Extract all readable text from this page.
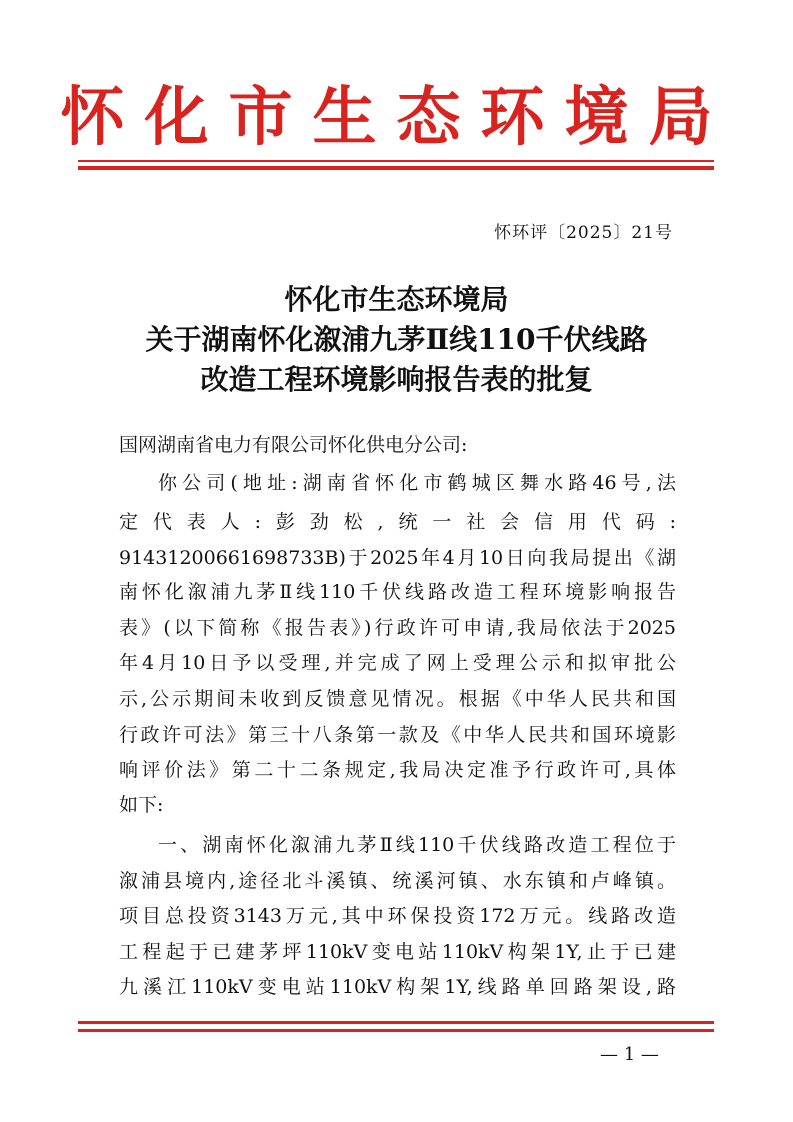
怀化市生态环境局
怀环评〔2025〕21号
怀化市生态环境局
关于湖南怀化溆浦九茅Ⅱ线110千伏线路
改造工程环境影响报告表的批复
国网湖南省电力有限公司怀化供电分公司:
你公司(地址:湖南省怀化市鹤城区舞水路46号,法
定代表人:彭劲松,统一社会信用代码:
91431200661698733B)于2025年4月10日向我局提出《湖
南怀化溆浦九茅Ⅱ线110千伏线路改造工程环境影响报告
表》(以下简称《报告表》)行政许可申请,我局依法于2025
年4月10日予以受理,并完成了网上受理公示和拟审批公
示,公示期间未收到反馈意见情况。根据《中华人民共和国
行政许可法》第三十八条第一款及《中华人民共和国环境影
响评价法》第二十二条规定,我局决定准予行政许可,具体
如下:
一、湖南怀化溆浦九茅Ⅱ线110千伏线路改造工程位于
溆浦县境内,途径北斗溪镇、统溪河镇、水东镇和卢峰镇。
项目总投资3143万元,其中环保投资172万元。线路改造
工程起于已建茅坪110kV变电站110kV构架1Y,止于已建
九溪江110kV变电站110kV构架1Y,线路单回路架设,路
— 1 —
